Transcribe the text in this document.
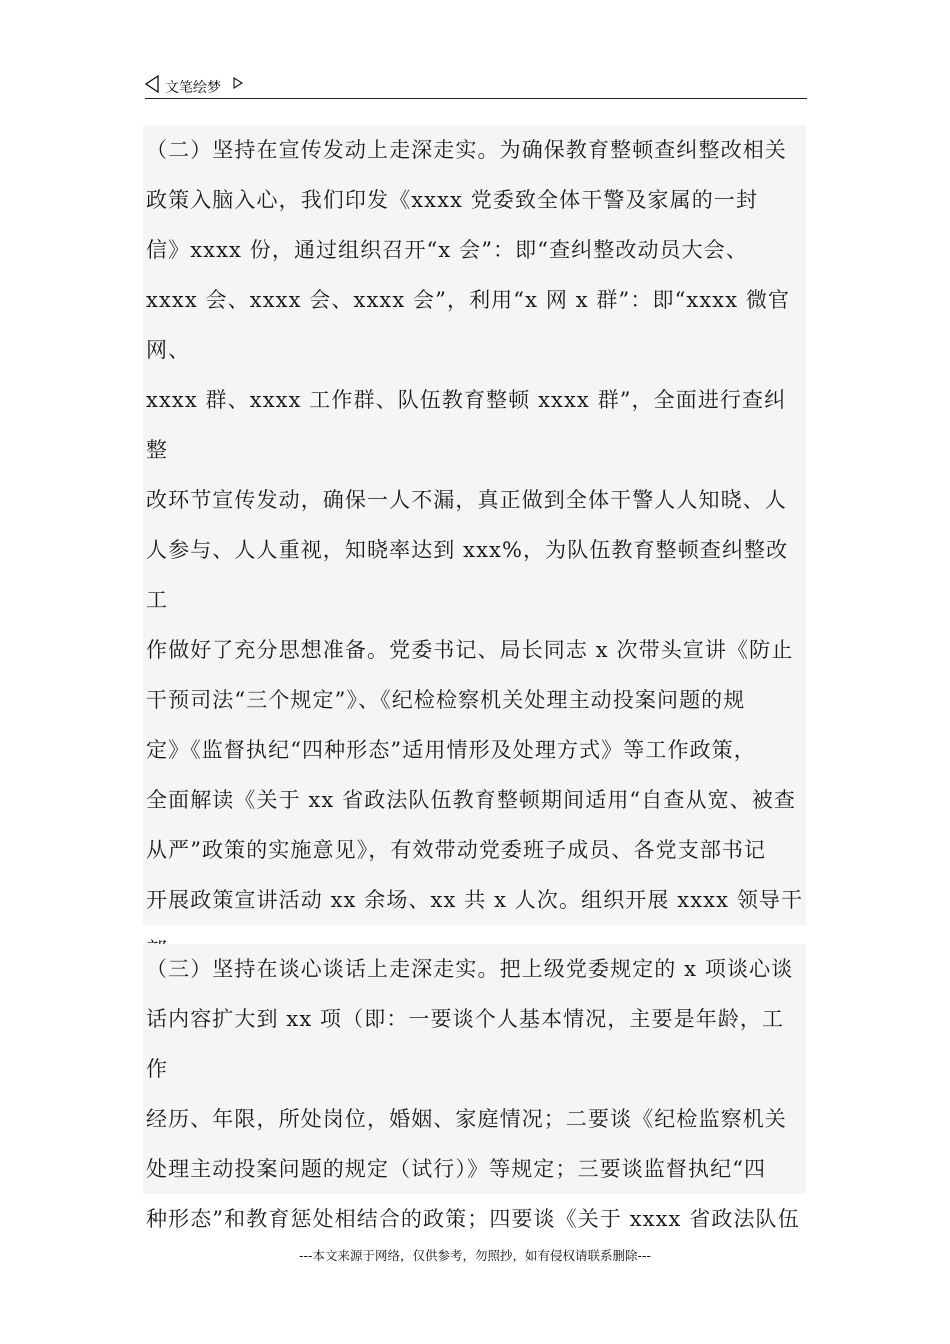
文笔绘梦

（二）坚持在宣传发动上走深走实。为确保教育整顿查纠整改相关
政策入脑入心，我们印发《xxxx 党委致全体干警及家属的一封
信》xxxx 份，通过组织召开“x 会”：即“查纠整改动员大会、
xxxx 会、xxxx 会、xxxx 会”，利用“x 网 x 群”：即“xxxx 微官网、
xxxx 群、xxxx 工作群、队伍教育整顿 xxxx 群”，全面进行查纠整
改环节宣传发动，确保一人不漏，真正做到全体干警人人知晓、人
人参与、人人重视，知晓率达到 xxx%，为队伍教育整顿查纠整改工
作做好了充分思想准备。党委书记、局长同志 x 次带头宣讲《防止
干预司法“三个规定”》、《纪检检察机关处理主动投案问题的规
定》《监督执纪“四种形态”适用情形及处理方式》等工作政策，
全面解读《关于 xx 省政法队伍教育整顿期间适用“自查从宽、被查
从严”政策的实施意见》，有效带动党委班子成员、各党支部书记
开展政策宣讲活动 xx 余场、xx 共 x 人次。组织开展 xxxx 领导干

（三）坚持在谈心谈话上走深走实。把上级党委规定的 x 项谈心谈
话内容扩大到 xx 项（即：一要谈个人基本情况，主要是年龄，工作
经历、年限，所处岗位，婚姻、家庭情况；二要谈《纪检监察机关
处理主动投案问题的规定（试行）》等规定；三要谈监督执纪“四
种形态”和教育惩处相结合的政策；四要谈《关于 xxxx 省政法队伍

---本文来源于网络，仅供参考，勿照抄，如有侵权请联系删除---
